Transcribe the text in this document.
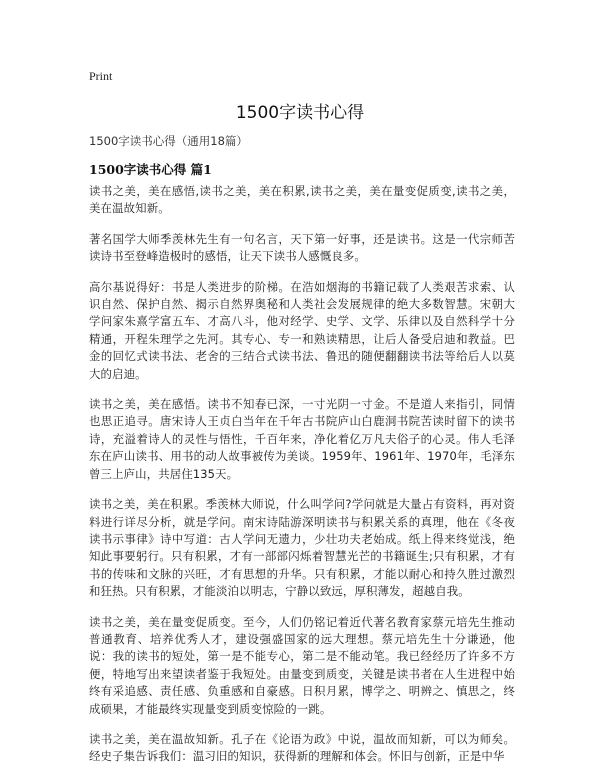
Print
1500字读书心得
1500字读书心得（通用18篇）
1500字读书心得 篇1

读书之美，美在感悟,读书之美，美在积累,读书之美，美在量变促质变,读书之美，美在温故知新。

著名国学大师季羡林先生有一句名言，天下第一好事，还是读书。这是一代宗师苦读诗书至登峰造极时的感悟，让天下读书人感慨良多。

高尔基说得好：书是人类进步的阶梯。在浩如烟海的书籍记载了人类艰苦求索、认识自然、保护自然、揭示自然界奥秘和人类社会发展规律的绝大多数智慧。宋朝大学问家朱熹学富五车、才高八斗，他对经学、史学、文学、乐律以及自然科学十分精通，开程朱理学之先河。其专心、专一和熟读精思，让后人备受启迪和教益。巴金的回忆式读书法、老舍的三结合式读书法、鲁迅的随便翻翻读书法等给后人以莫大的启迪。

读书之美，美在感悟。读书不知春已深，一寸光阴一寸金。不是道人来指引，同情也思正追寻。唐宋诗人王贞白当年在千年古书院庐山白鹿洞书院苦读时留下的读书诗，充溢着诗人的灵性与悟性，千百年来，净化着亿万凡夫俗子的心灵。伟人毛泽东在庐山读书、用书的动人故事被传为美谈。1959年、1961年、1970年，毛泽东曾三上庐山，共居住135天。

读书之美，美在积累。季羡林大师说，什么叫学问?学问就是大量占有资料，再对资料进行详尽分析，就是学问。南宋诗陆游深明读书与积累关系的真理，他在《冬夜读书示事律》诗中写道：古人学问无遗力，少壮功夫老始成。纸上得来终觉浅，绝知此事要躬行。只有积累，才有一部部闪烁着智慧光芒的书籍诞生;只有积累，才有书的传味和文脉的兴旺，才有思想的升华。只有积累，才能以耐心和持久胜过激烈和狂热。只有积累，才能淡泊以明志，宁静以致远，厚积薄发，超越自我。

读书之美，美在量变促质变。至今，人们仍铭记着近代著名教育家蔡元培先生推动普通教育、培养优秀人才，建设强盛国家的远大理想。蔡元培先生十分谦逊，他说：我的读书的短处，第一是不能专心，第二是不能动笔。我已经经历了许多不方便，特地写出来望读者鉴于我短处。由量变到质变，关键是读书者在人生进程中始终有采追感、责任感、负重感和自豪感。日积月累，博学之、明辨之、慎思之，终成硕果，才能最终实现量变到质变惊险的一跳。

读书之美，美在温故知新。孔子在《论语为政》中说，温故而知新，可以为师矣。经史子集告诉我们：温习旧的知识，获得新的理解和体会。怀旧与创新，正是中华
